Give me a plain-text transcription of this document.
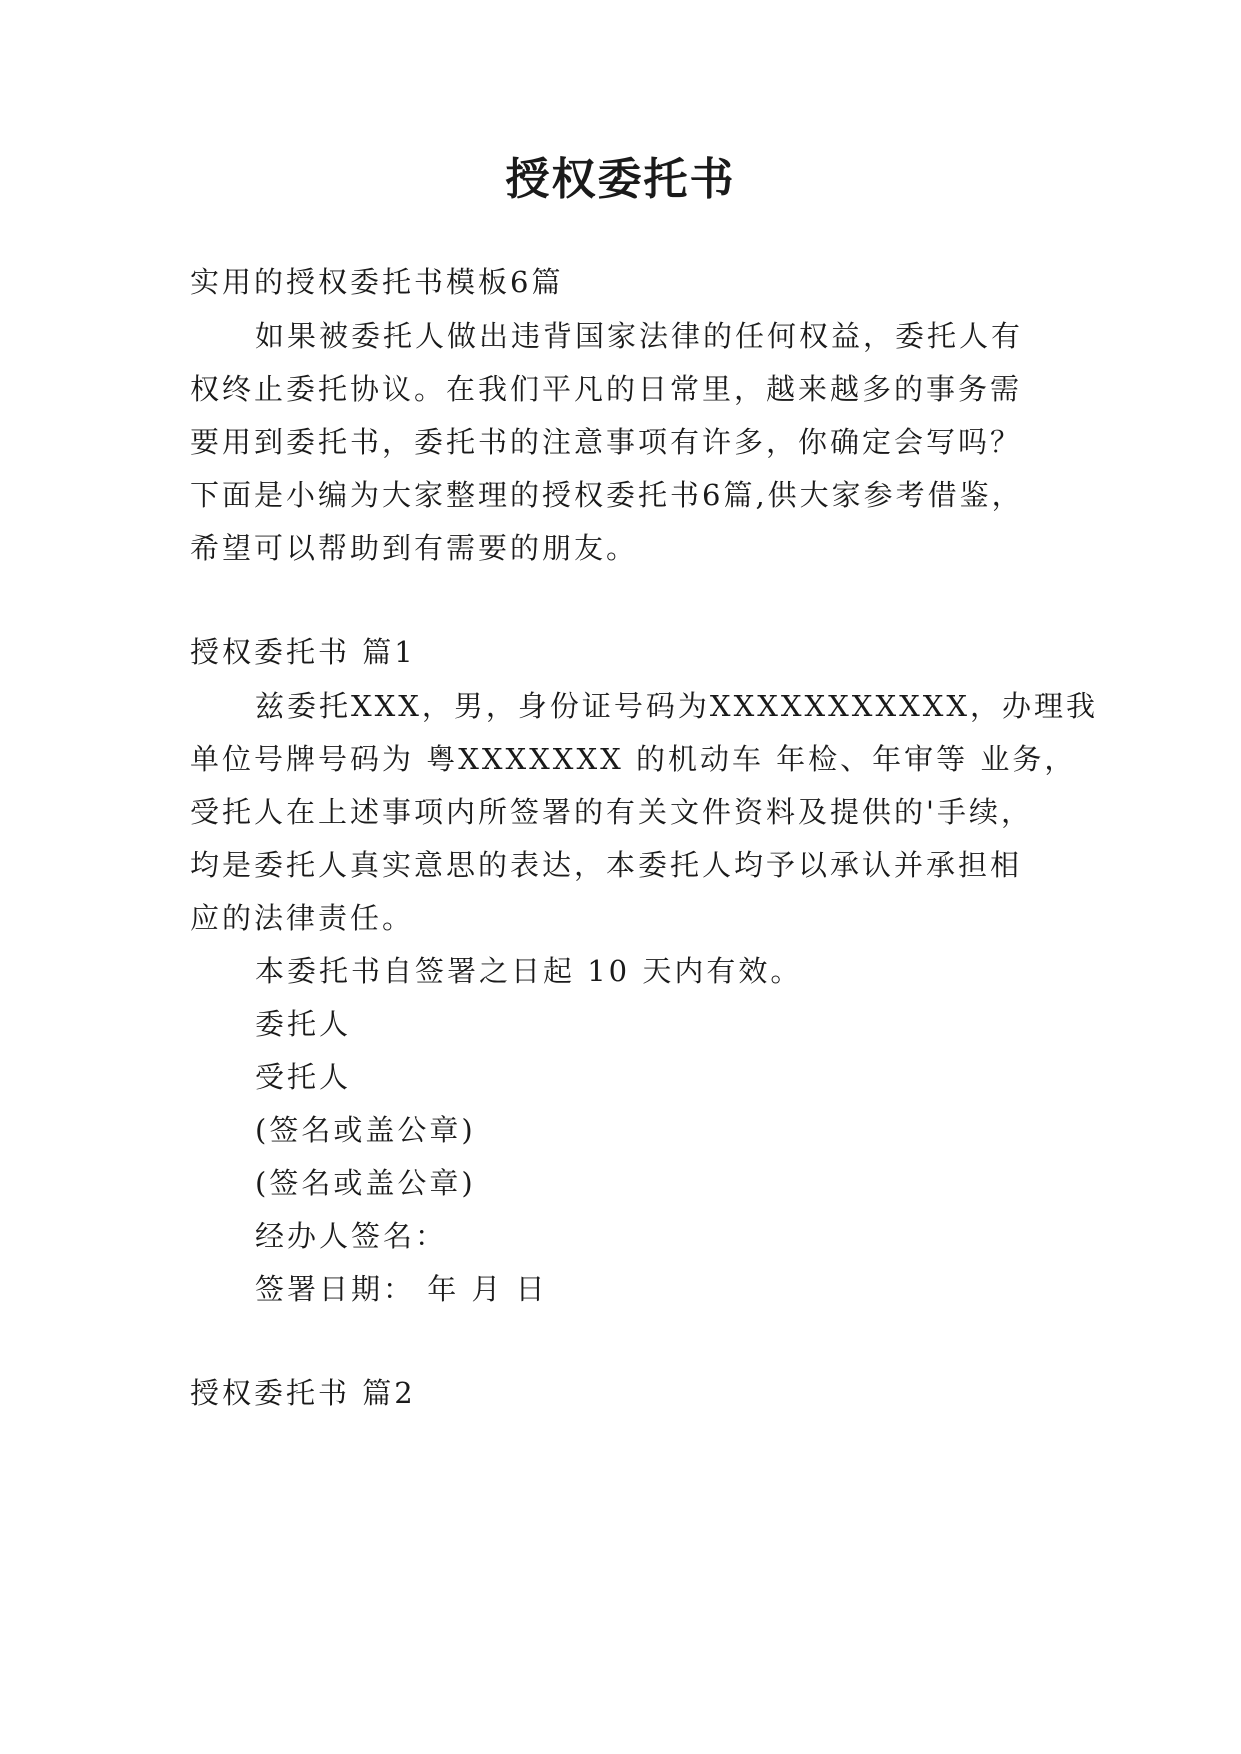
授权委托书
实用的授权委托书模板6篇
如果被委托人做出违背国家法律的任何权益，委托人有
权终止委托协议。在我们平凡的日常里，越来越多的事务需
要用到委托书，委托书的注意事项有许多，你确定会写吗？
下面是小编为大家整理的授权委托书6篇,供大家参考借鉴，
希望可以帮助到有需要的朋友。
授权委托书 篇1
兹委托XXX，男，身份证号码为XXXXXXXXXXX，办理我
单位号牌号码为 粤XXXXXXX 的机动车 年检、年审等 业务，
受托人在上述事项内所签署的有关文件资料及提供的'手续，
均是委托人真实意思的表达，本委托人均予以承认并承担相
应的法律责任。
本委托书自签署之日起 10 天内有效。
委托人
受托人
(签名或盖公章)
(签名或盖公章)
经办人签名：
签署日期： 年 月 日
授权委托书 篇2
